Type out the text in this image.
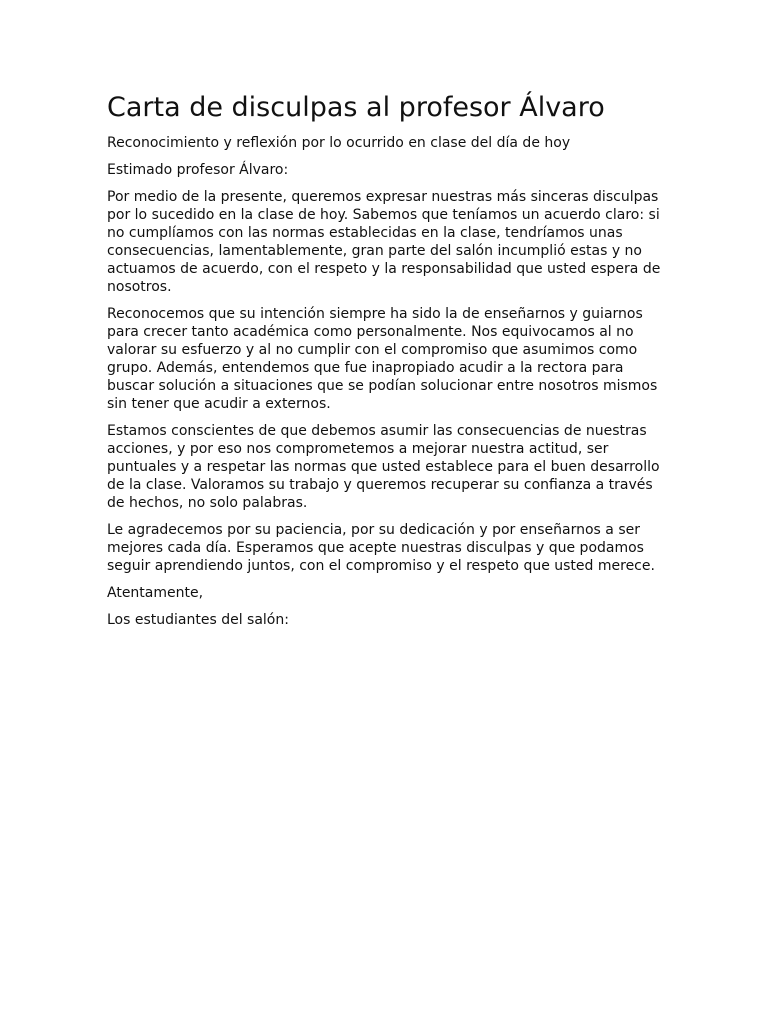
Carta de disculpas al profesor Álvaro

Reconocimiento y reflexión por lo ocurrido en clase del día de hoy

Estimado profesor Álvaro:

Por medio de la presente, queremos expresar nuestras más sinceras disculpas por lo sucedido en la clase de hoy. Sabemos que teníamos un acuerdo claro: si no cumplíamos con las normas establecidas en la clase, tendríamos unas consecuencias, lamentablemente, gran parte del salón incumplió estas y no actuamos de acuerdo, con el respeto y la responsabilidad que usted espera de nosotros.

Reconocemos que su intención siempre ha sido la de enseñarnos y guiarnos para crecer tanto académica como personalmente. Nos equivocamos al no valorar su esfuerzo y al no cumplir con el compromiso que asumimos como grupo. Además, entendemos que fue inapropiado acudir a la rectora para buscar solución a situaciones que se podían solucionar entre nosotros mismos sin tener que acudir a externos.

Estamos conscientes de que debemos asumir las consecuencias de nuestras acciones, y por eso nos comprometemos a mejorar nuestra actitud, ser puntuales y a respetar las normas que usted establece para el buen desarrollo de la clase. Valoramos su trabajo y queremos recuperar su confianza a través de hechos, no solo palabras.

Le agradecemos por su paciencia, por su dedicación y por enseñarnos a ser mejores cada día. Esperamos que acepte nuestras disculpas y que podamos seguir aprendiendo juntos, con el compromiso y el respeto que usted merece.

Atentamente,

Los estudiantes del salón:
